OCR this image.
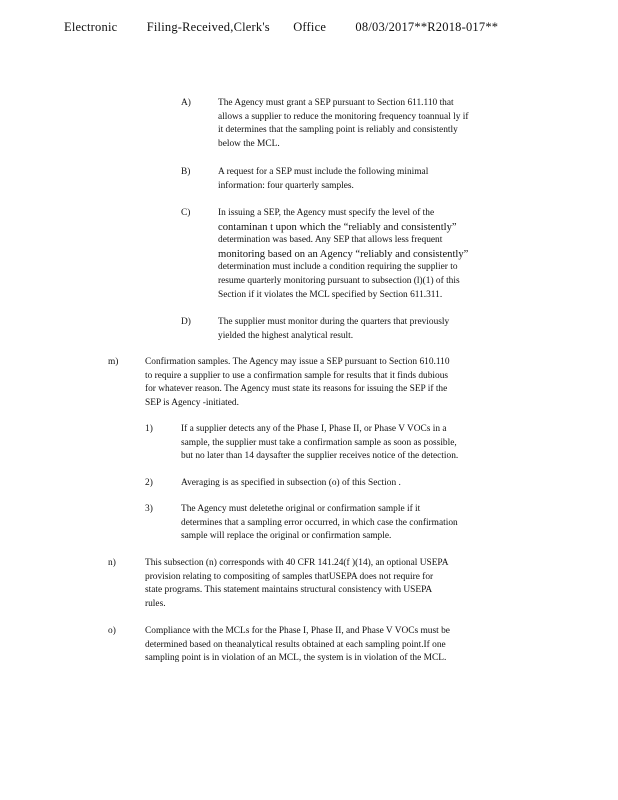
Electronic Filing-Received,Clerk's Office 08/03/2017**R2018-017**
A)	The Agency must grant a SEP pursuant to Section 611.110 that
allows a supplier to reduce the monitoring frequency toannual ly if
it determines that the sampling point is reliably and consistently
below the MCL.
B)	A request for a SEP must include the following minimal
information: four quarterly samples.
C)	In issuing a SEP, the Agency must specify the level of the
contaminan t upon which the “reliably and consistently”
determination was based. Any SEP that allows less frequent
monitoring based on an Agency “reliably and consistently”
determination must include a condition requiring the supplier to
resume quarterly monitoring pursuant to subsection (l)(1) of this
Section if it violates the MCL specified by Section 611.311.
D)	The supplier must monitor during the quarters that previously
yielded the highest analytical result.
m)	Confirmation samples. The Agency may issue a SEP pursuant to Section 610.110
to require a supplier to use a confirmation sample for results that it finds dubious
for whatever reason. The Agency must state its reasons for issuing the SEP if the
SEP is Agency -initiated.
1)	If a supplier detects any of the Phase I, Phase II, or Phase V VOCs in a
sample, the supplier must take a confirmation sample as soon as possible,
but no later than 14 daysafter the supplier receives notice of the detection.
2)	Averaging is as specified in subsection (o) of this Section .
3)	The Agency must deletethe original or confirmation sample if it
determines that a sampling error occurred, in which case the confirmation
sample will replace the original or confirmation sample.
n)	This subsection (n) corresponds with 40 CFR 141.24(f )(14), an optional USEPA
provision relating to compositing of samples thatUSEPA does not require for
state programs. This statement maintains structural consistency with USEPA
rules.
o)	Compliance with the MCLs for the Phase I, Phase II, and Phase V VOCs must be
determined based on theanalytical results obtained at each sampling point.If one
sampling point is in violation of an MCL, the system is in violation of the MCL.
